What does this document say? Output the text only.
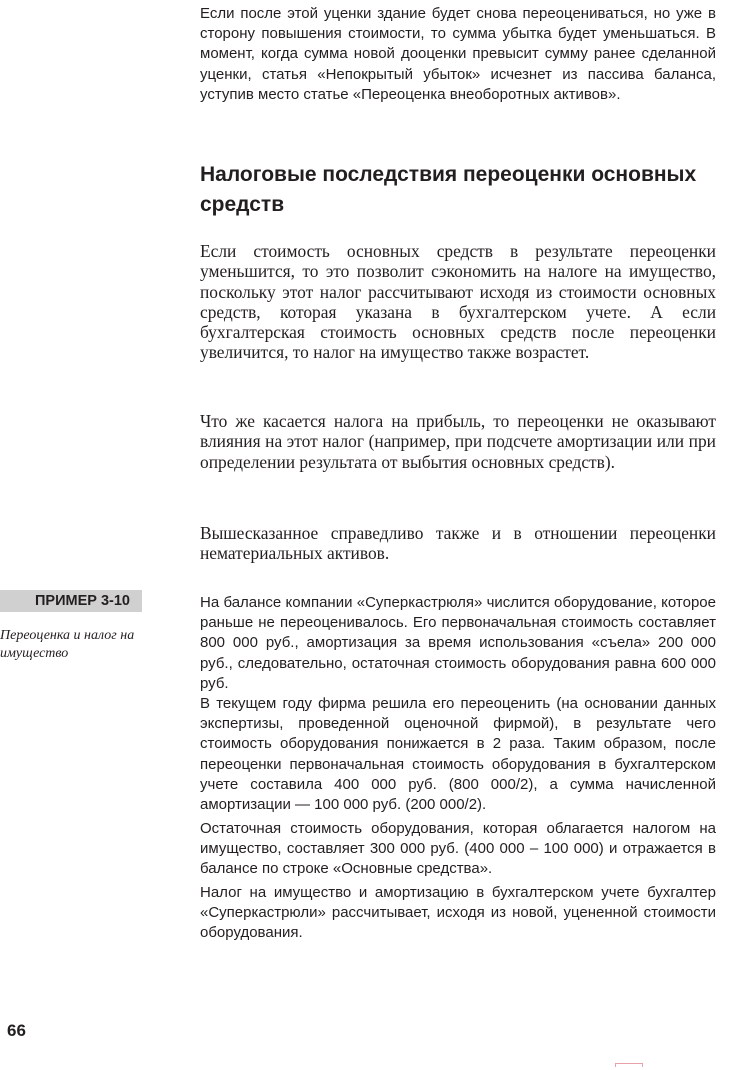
Если после этой уценки здание будет снова переоцениваться, но уже в сторону повышения стоимости, то сумма убытка будет уменьшаться. В момент, когда сумма новой дооценки превысит сумму ранее сделанной уценки, статья «Непокрытый убыток» исчезнет из пассива баланса, уступив место статье «Переоценка внеоборотных активов».

Налоговые последствия переоценки основных средств

Если стоимость основных средств в результате переоценки уменьшится, то это позволит сэкономить на налоге на имущество, поскольку этот налог рассчитывают исходя из стоимости основных средств, которая указана в бухгалтерском учете. А если бухгалтерская стоимость основных средств после переоценки увеличится, то налог на имущество также возрастет.

Что же касается налога на прибыль, то переоценки не оказывают влияния на этот налог (например, при подсчете амортизации или при определении результата от выбытия основных средств).

Вышесказанное справедливо также и в отношении переоценки нематериальных активов.

ПРИМЕР 3-10

Переоценка и налог на имущество

На балансе компании «Суперкастрюля» числится оборудование, которое раньше не переоценивалось. Его первоначальная стоимость составляет 800 000 руб., амортизация за время использования «съела» 200 000 руб., следовательно, остаточная стоимость оборудования равна 600 000 руб.

В текущем году фирма решила его переоценить (на основании данных экспертизы, проведенной оценочной фирмой), в результате чего стоимость оборудования понижается в 2 раза. Таким образом, после переоценки первоначальная стоимость оборудования в бухгалтерском учете составила 400 000 руб. (800 000/2), а сумма начисленной амортизации — 100 000 руб. (200 000/2).

Остаточная стоимость оборудования, которая облагается налогом на имущество, составляет 300 000 руб. (400 000 – 100 000) и отражается в балансе по строке «Основные средства».

Налог на имущество и амортизацию в бухгалтерском учете бухгалтер «Суперкастрюли» рассчитывает, исходя из новой, уцененной стоимости оборудования.

66
